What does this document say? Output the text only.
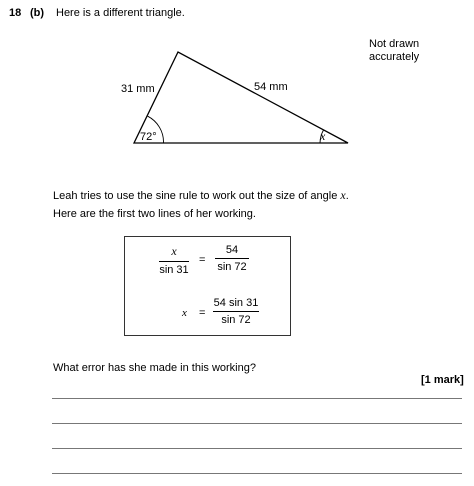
18 (b) Here is a different triangle.
Not drawn accurately
31 mm	54 mm
72°	x
Leah tries to use the sine rule to work out the size of angle x.
Here are the first two lines of her working.
$\frac{x}{\sin 31} = \frac{54}{\sin 72}$
$x = \frac{54 \sin 31}{\sin 72}$
What error has she made in this working?
[1 mark]
